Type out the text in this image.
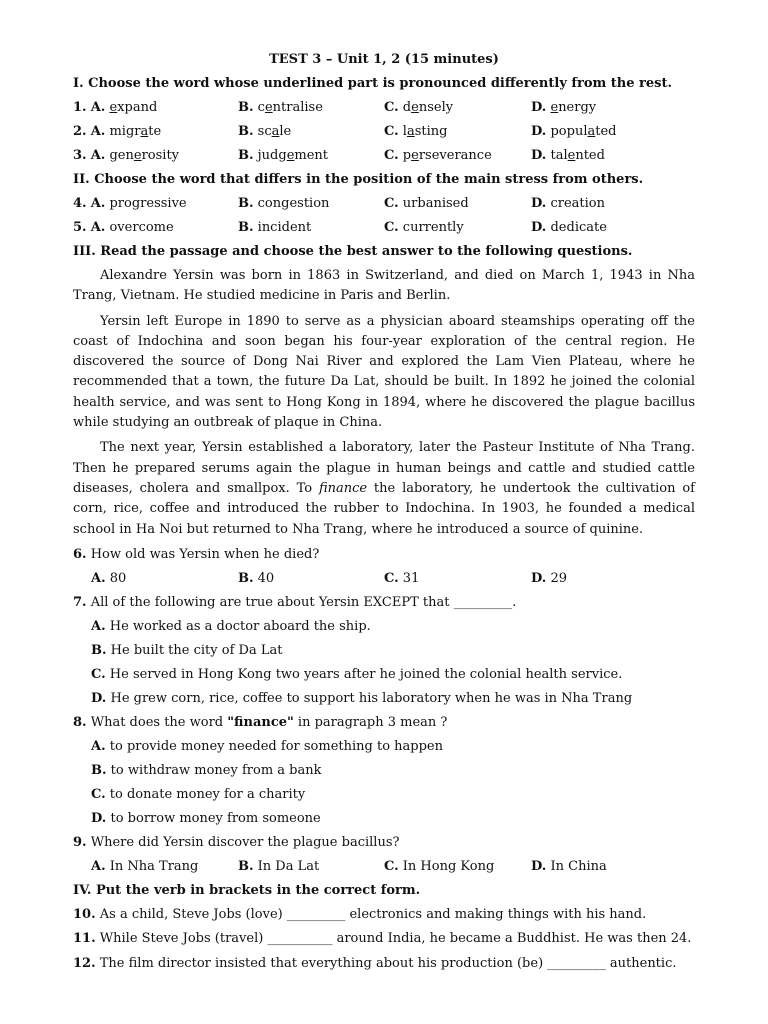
TEST 3 – Unit 1, 2 (15 minutes)
I. Choose the word whose underlined part is pronounced differently from the rest.
1. A. expand	B. centralise	C. densely	D. energy
2. A. migrate	B. scale	C. lasting	D. populated
3. A. generosity	B. judgement	C. perseverance	D. talented
II. Choose the word that differs in the position of the main stress from others.
4. A. progressive	B. congestion	C. urbanised	D. creation
5. A. overcome	B. incident	C. currently	D. dedicate
III. Read the passage and choose the best answer to the following questions.
Alexandre Yersin was born in 1863 in Switzerland, and died on March 1, 1943 in Nha Trang, Vietnam. He studied medicine in Paris and Berlin.
Yersin left Europe in 1890 to serve as a physician aboard steamships operating off the coast of Indochina and soon began his four-year exploration of the central region. He discovered the source of Dong Nai River and explored the Lam Vien Plateau, where he recommended that a town, the future Da Lat, should be built. In 1892 he joined the colonial health service, and was sent to Hong Kong in 1894, where he discovered the plague bacillus while studying an outbreak of plaque in China.
The next year, Yersin established a laboratory, later the Pasteur Institute of Nha Trang. Then he prepared serums again the plague in human beings and cattle and studied cattle diseases, cholera and smallpox. To finance the laboratory, he undertook the cultivation of corn, rice, coffee and introduced the rubber to Indochina. In 1903, he founded a medical school in Ha Noi but returned to Nha Trang, where he introduced a source of quinine.
6. How old was Yersin when he died?
A. 80	B. 40	C. 31	D. 29
7. All of the following are true about Yersin EXCEPT that _________.
A. He worked as a doctor aboard the ship.
B. He built the city of Da Lat
C. He served in Hong Kong two years after he joined the colonial health service.
D. He grew corn, rice, coffee to support his laboratory when he was in Nha Trang
8. What does the word "finance" in paragraph 3 mean ?
A. to provide money needed for something to happen
B. to withdraw money from a bank
C. to donate money for a charity
D. to borrow money from someone
9. Where did Yersin discover the plague bacillus?
A. In Nha Trang	B. In Da Lat	C. In Hong Kong	D. In China
IV. Put the verb in brackets in the correct form.
10. As a child, Steve Jobs (love) _________ electronics and making things with his hand.
11. While Steve Jobs (travel) __________ around India, he became a Buddhist. He was then 24.
12. The film director insisted that everything about his production (be) _________ authentic.
